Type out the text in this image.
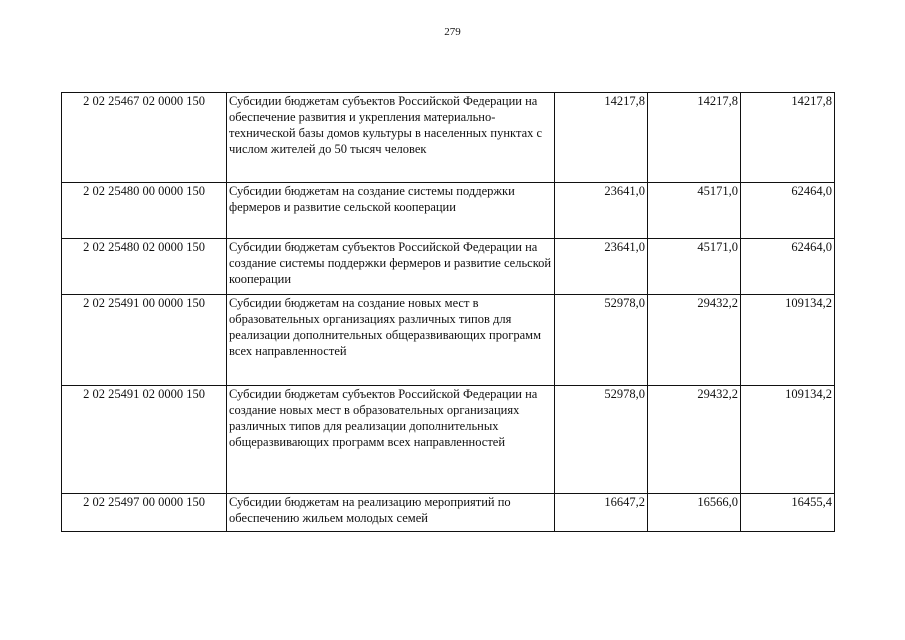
279
2 02 25467 02 0000 150	Субсидии бюджетам субъектов Российской Федерации на обеспечение развития и укрепления материально-технической базы домов культуры в населенных пунктах с числом жителей до 50 тысяч человек	14217,8	14217,8	14217,8
2 02 25480 00 0000 150	Субсидии бюджетам на создание системы поддержки фермеров и развитие сельской кооперации	23641,0	45171,0	62464,0
2 02 25480 02 0000 150	Субсидии бюджетам субъектов Российской Федерации на создание системы поддержки фермеров и развитие сельской кооперации	23641,0	45171,0	62464,0
2 02 25491 00 0000 150	Субсидии бюджетам на создание новых мест в образовательных организациях различных типов для реализации дополнительных общеразвивающих программ всех направленностей	52978,0	29432,2	109134,2
2 02 25491 02 0000 150	Субсидии бюджетам субъектов Российской Федерации на создание новых мест в образовательных организациях различных типов для реализации дополнительных общеразвивающих программ всех направленностей	52978,0	29432,2	109134,2
2 02 25497 00 0000 150	Субсидии бюджетам на реализацию мероприятий по обеспечению жильем молодых семей	16647,2	16566,0	16455,4
